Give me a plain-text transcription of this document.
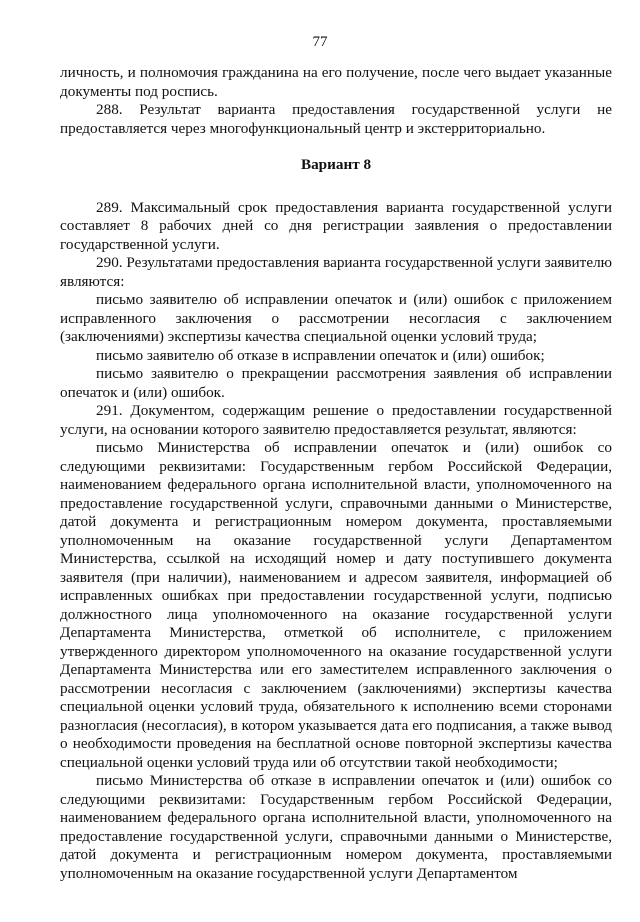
77

личность, и полномочия гражданина на его получение, после чего выдает указанные документы под роспись.

288. Результат варианта предоставления государственной услуги не предоставляется через многофункциональный центр и экстерриториально.

Вариант 8

289. Максимальный срок предоставления варианта государственной услуги составляет 8 рабочих дней со дня регистрации заявления о предоставлении государственной услуги.

290. Результатами предоставления варианта государственной услуги заявителю являются:

письмо заявителю об исправлении опечаток и (или) ошибок с приложением исправленного заключения о рассмотрении несогласия с заключением (заключениями) экспертизы качества специальной оценки условий труда;

письмо заявителю об отказе в исправлении опечаток и (или) ошибок;

письмо заявителю о прекращении рассмотрения заявления об исправлении опечаток и (или) ошибок.

291. Документом, содержащим решение о предоставлении государственной услуги, на основании которого заявителю предоставляется результат, являются:

письмо Министерства об исправлении опечаток и (или) ошибок со следующими реквизитами: Государственным гербом Российской Федерации, наименованием федерального органа исполнительной власти, уполномоченного на предоставление государственной услуги, справочными данными о Министерстве, датой документа и регистрационным номером документа, проставляемыми уполномоченным на оказание государственной услуги Департаментом Министерства, ссылкой на исходящий номер и дату поступившего документа заявителя (при наличии), наименованием и адресом заявителя, информацией об исправленных ошибках при предоставлении государственной услуги, подписью должностного лица уполномоченного на оказание государственной услуги Департамента Министерства, отметкой об исполнителе, с приложением утвержденного директором уполномоченного на оказание государственной услуги Департамента Министерства или его заместителем исправленного заключения о рассмотрении несогласия с заключением (заключениями) экспертизы качества специальной оценки условий труда, обязательного к исполнению всеми сторонами разногласия (несогласия), в котором указывается дата его подписания, а также вывод о необходимости проведения на бесплатной основе повторной экспертизы качества специальной оценки условий труда или об отсутствии такой необходимости;

письмо Министерства об отказе в исправлении опечаток и (или) ошибок со следующими реквизитами: Государственным гербом Российской Федерации, наименованием федерального органа исполнительной власти, уполномоченного на предоставление государственной услуги, справочными данными о Министерстве, датой документа и регистрационным номером документа, проставляемыми уполномоченным на оказание государственной услуги Департаментом
